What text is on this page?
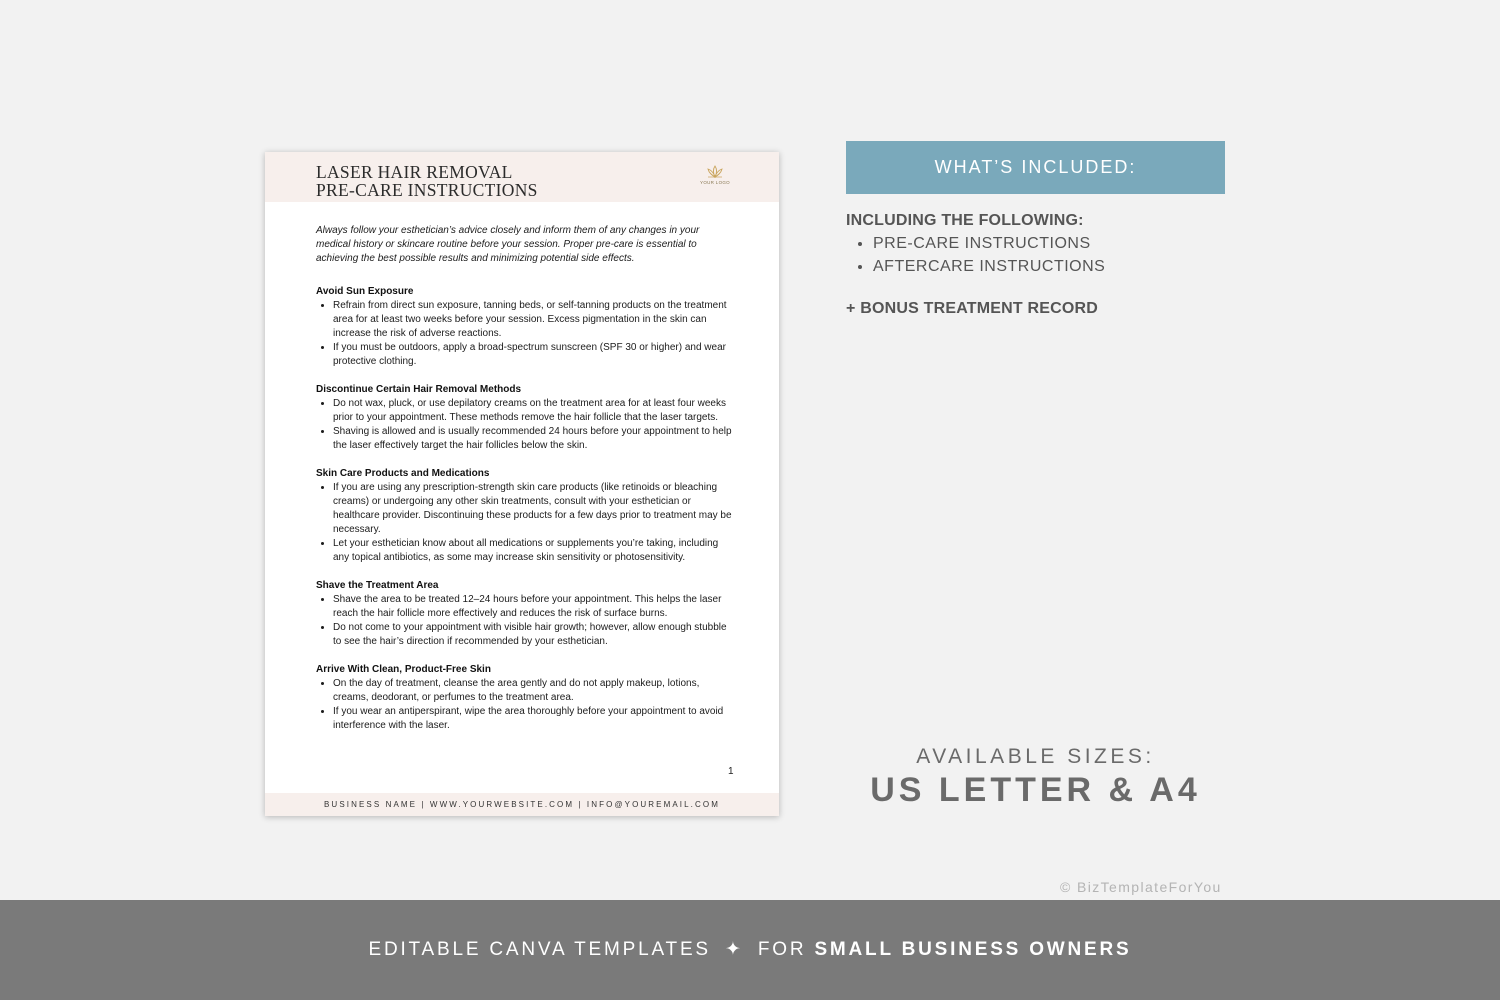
LASER HAIR REMOVAL
PRE-CARE INSTRUCTIONS	YOUR LOGO

Always follow your esthetician’s advice closely and inform them of any changes in your medical history or skincare routine before your session. Proper pre-care is essential to achieving the best possible results and minimizing potential side effects.

Avoid Sun Exposure
• Refrain from direct sun exposure, tanning beds, or self-tanning products on the treatment area for at least two weeks before your session. Excess pigmentation in the skin can increase the risk of adverse reactions.
• If you must be outdoors, apply a broad-spectrum sunscreen (SPF 30 or higher) and wear protective clothing.
Discontinue Certain Hair Removal Methods
• Do not wax, pluck, or use depilatory creams on the treatment area for at least four weeks prior to your appointment. These methods remove the hair follicle that the laser targets.
• Shaving is allowed and is usually recommended 24 hours before your appointment to help the laser effectively target the hair follicles below the skin.
Skin Care Products and Medications
• If you are using any prescription-strength skin care products (like retinoids or bleaching creams) or undergoing any other skin treatments, consult with your esthetician or healthcare provider. Discontinuing these products for a few days prior to treatment may be necessary.
• Let your esthetician know about all medications or supplements you’re taking, including any topical antibiotics, as some may increase skin sensitivity or photosensitivity.
Shave the Treatment Area
• Shave the area to be treated 12–24 hours before your appointment. This helps the laser reach the hair follicle more effectively and reduces the risk of surface burns.
• Do not come to your appointment with visible hair growth; however, allow enough stubble to see the hair’s direction if recommended by your esthetician.
Arrive With Clean, Product-Free Skin
• On the day of treatment, cleanse the area gently and do not apply makeup, lotions, creams, deodorant, or perfumes to the treatment area.
• If you wear an antiperspirant, wipe the area thoroughly before your appointment to avoid interference with the laser.
1
BUSINESS NAME | WWW.YOURWEBSITE.COM | INFO@YOUREMAIL.COM
WHAT’S INCLUDED:
INCLUDING THE FOLLOWING:
• PRE-CARE INSTRUCTIONS
• AFTERCARE INSTRUCTIONS
+ BONUS TREATMENT RECORD
AVAILABLE SIZES:
US LETTER & A4
© BizTemplateForYou
EDITABLE CANVA TEMPLATES ✦ FOR SMALL BUSINESS OWNERS
